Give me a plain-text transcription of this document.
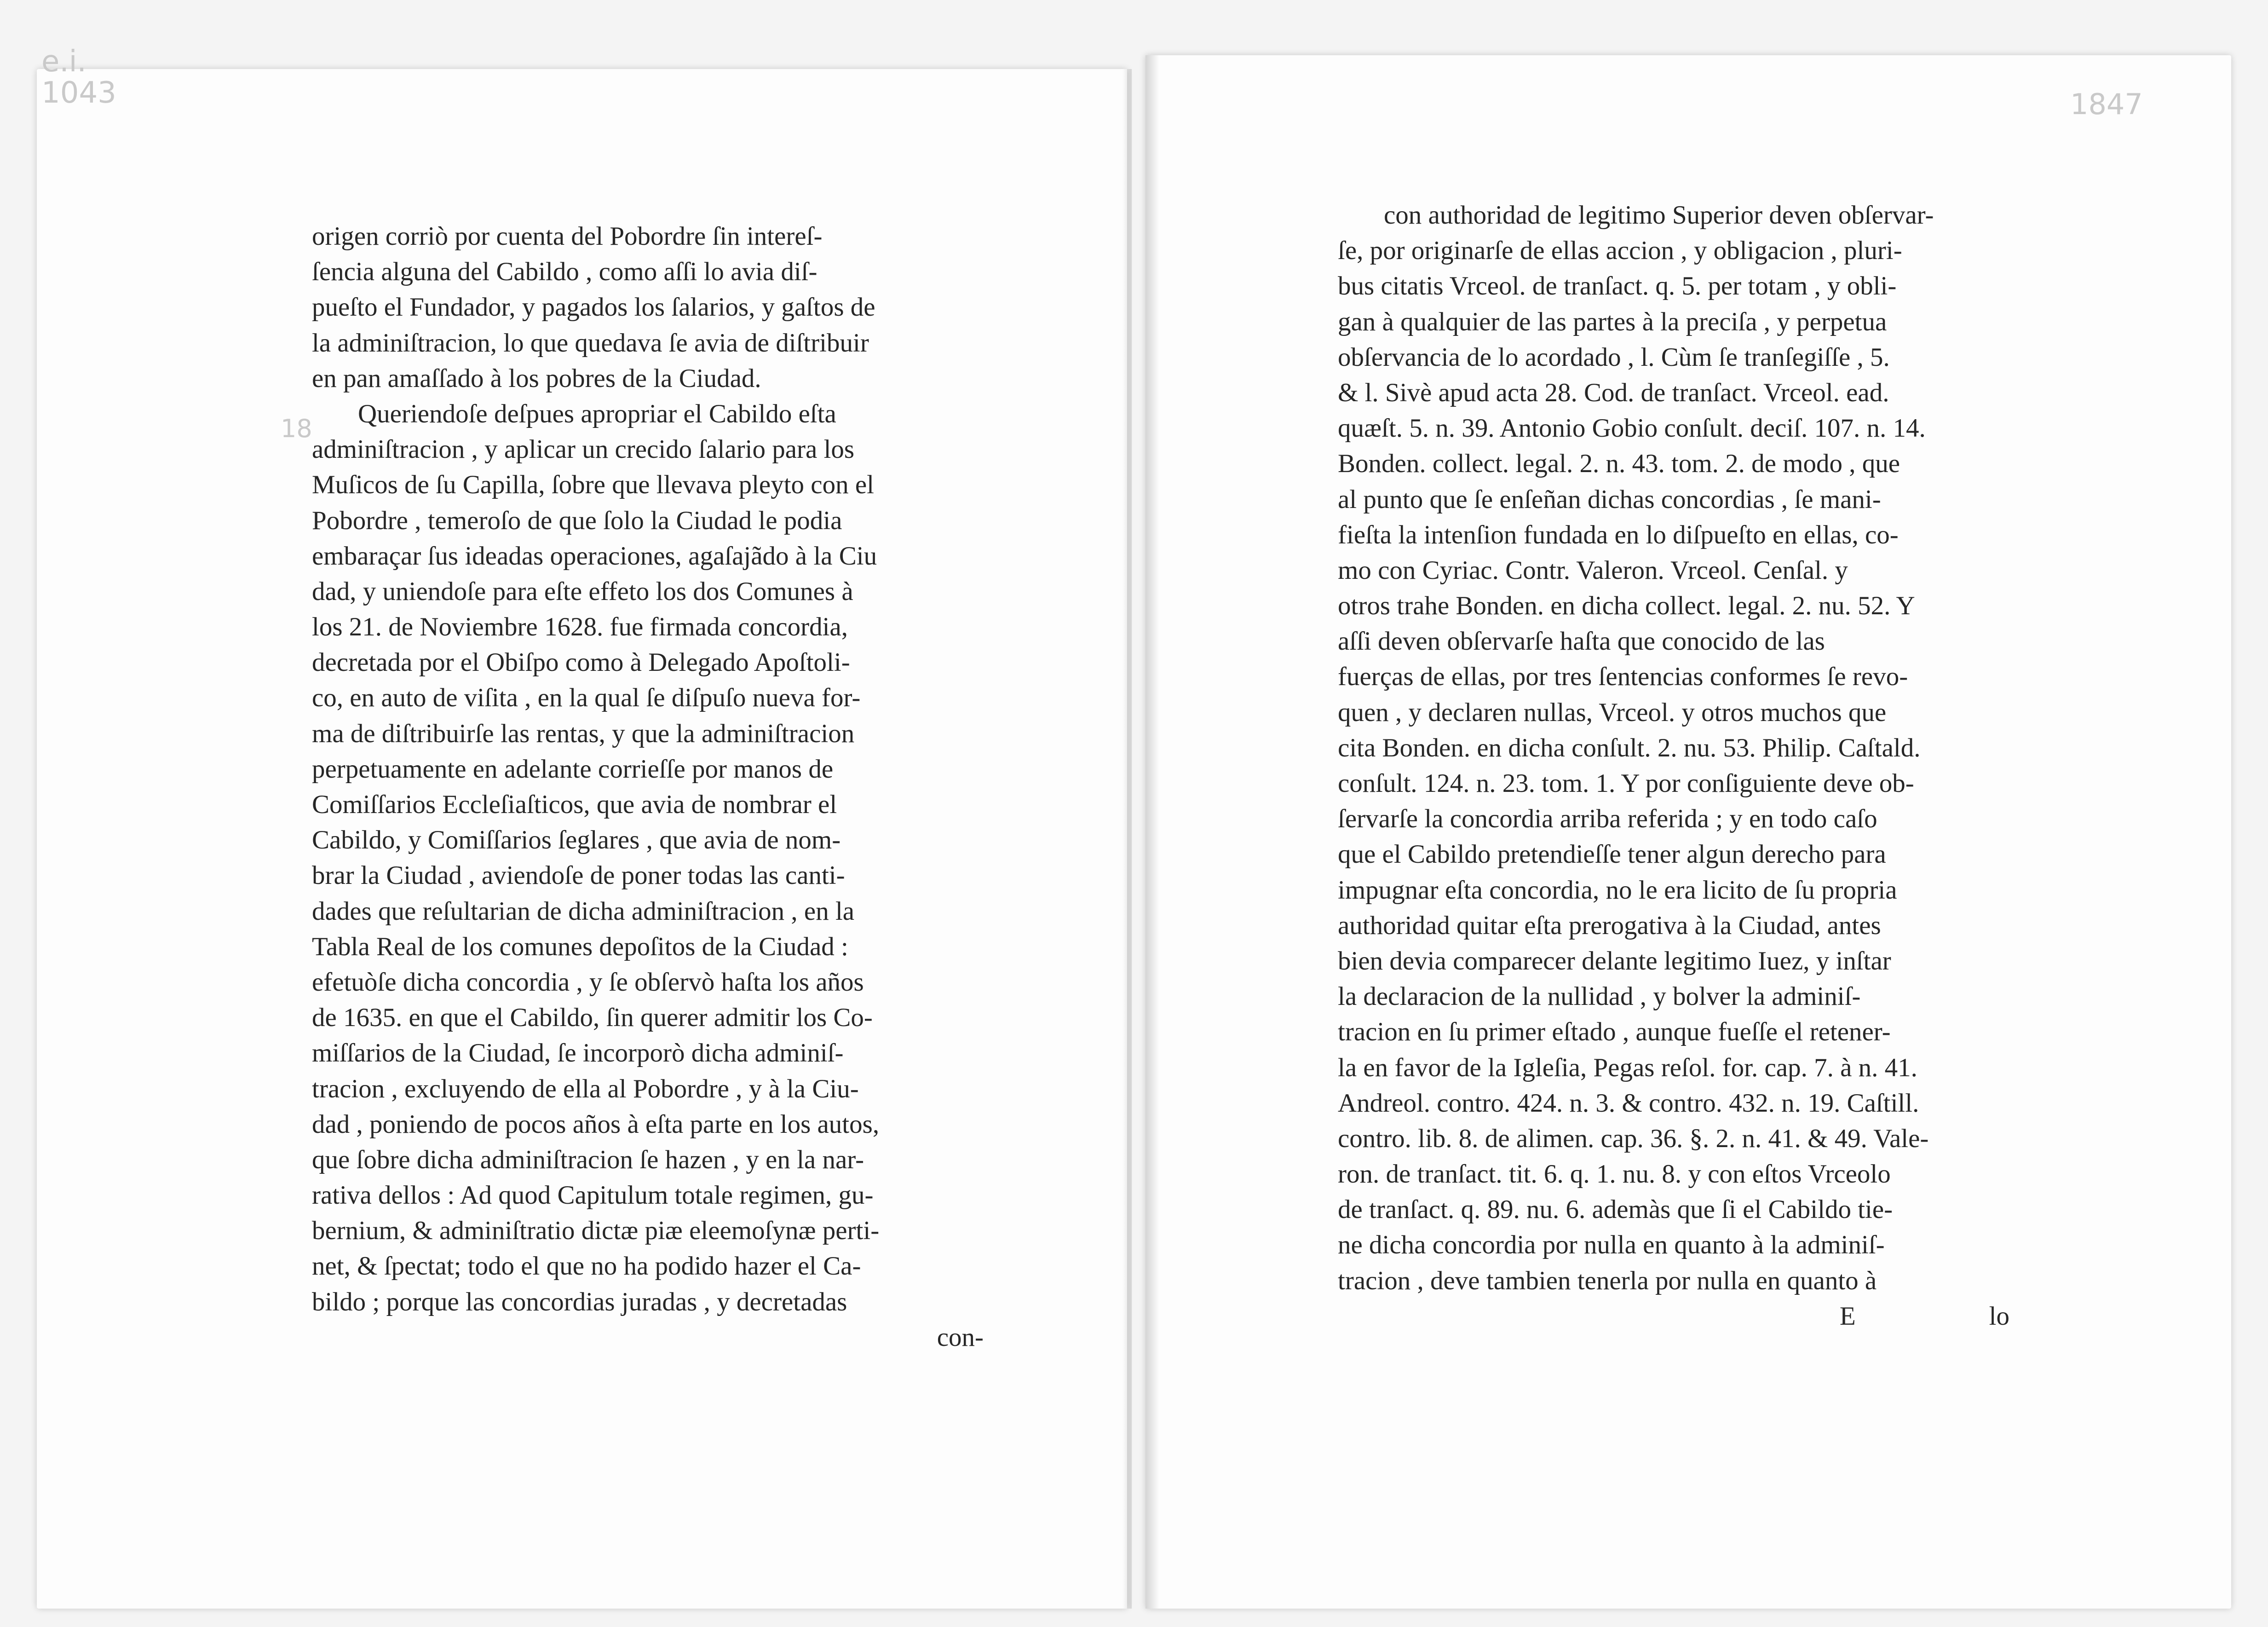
origen corriò por cuenta del Pobordre ſin intereſ-
ſencia alguna del Cabildo , como aſſi lo avia diſ-
pueſto el Fundador, y pagados los ſalarios, y gaſtos de
la adminiſtracion, lo que quedava ſe avia de diſtribuir
en pan amaſſado à los pobres de la Ciudad.
Queriendoſe deſpues apropriar el Cabildo eſta
adminiſtracion , y aplicar un crecido ſalario para los
Muſicos de ſu Capilla, ſobre que llevava pleyto con el
Pobordre , temeroſo de que ſolo la Ciudad le podia
embaraçar ſus ideadas operaciones, agaſajãdo à la Ciu
dad, y uniendoſe para eſte effeto los dos Comunes à
los 21. de Noviembre 1628. fue firmada concordia,
decretada por el Obiſpo como à Delegado Apoſtoli-
co, en auto de viſita , en la qual ſe diſpuſo nueva for-
ma de diſtribuirſe las rentas, y que la adminiſtracion
perpetuamente en adelante corrieſſe por manos de
Comiſſarios Eccleſiaſticos, que avia de nombrar el
Cabildo, y Comiſſarios ſeglares , que avia de nom-
brar la Ciudad , aviendoſe de poner todas las canti-
dades que reſultarian de dicha adminiſtracion , en la
Tabla Real de los comunes depoſitos de la Ciudad :
efetuòſe dicha concordia , y ſe obſervò haſta los años
de 1635. en que el Cabildo, ſin querer admitir los Co-
miſſarios de la Ciudad, ſe incorporò dicha adminiſ-
tracion , excluyendo de ella al Pobordre , y à la Ciu-
dad , poniendo de pocos años à eſta parte en los autos,
que ſobre dicha adminiſtracion ſe hazen , y en la nar-
rativa dellos : Ad quod Capitulum totale regimen, gu-
bernium, & adminiſtratio dictæ piæ eleemoſynæ perti-
net, & ſpectat; todo el que no ha podido hazer el Ca-
bildo ; porque las concordias juradas , y decretadas
con-
con authoridad de legitimo Superior deven obſervar-
ſe, por originarſe de ellas accion , y obligacion , pluri-
bus citatis Vrceol. de tranſact. q. 5. per totam , y obli-
gan à qualquier de las partes à la preciſa , y perpetua
obſervancia de lo acordado , l. Cùm ſe tranſegiſſe , 5.
& l. Sivè apud acta 28. Cod. de tranſact. Vrceol. ead.
quæſt. 5. n. 39. Antonio Gobio conſult. deciſ. 107. n. 14.
Bonden. collect. legal. 2. n. 43. tom. 2. de modo , que
al punto que ſe enſeñan dichas concordias , ſe mani-
fieſta la intenſion fundada en lo diſpueſto en ellas, co-
mo con Cyriac. Contr. Valeron. Vrceol. Cenſal. y
otros trahe Bonden. en dicha collect. legal. 2. nu. 52. Y
aſſi deven obſervarſe haſta que conocido de las
fuerças de ellas, por tres ſentencias conformes ſe revo-
quen , y declaren nullas, Vrceol. y otros muchos que
cita Bonden. en dicha conſult. 2. nu. 53. Philip. Caſtald.
conſult. 124. n. 23. tom. 1. Y por conſiguiente deve ob-
ſervarſe la concordia arriba referida ; y en todo caſo
que el Cabildo pretendieſſe tener algun derecho para
impugnar eſta concordia, no le era licito de ſu propria
authoridad quitar eſta prerogativa à la Ciudad, antes
bien devia comparecer delante legitimo Iuez, y inſtar
la declaracion de la nullidad , y bolver la adminiſ-
tracion en ſu primer eſtado , aunque fueſſe el retener-
la en favor de la Igleſia, Pegas reſol. for. cap. 7. à n. 41.
Andreol. contro. 424. n. 3. & contro. 432. n. 19. Caſtill.
contro. lib. 8. de alimen. cap. 36. §. 2. n. 41. & 49. Vale-
ron. de tranſact. tit. 6. q. 1. nu. 8. y con eſtos Vrceolo
de tranſact. q. 89. nu. 6. ademàs que ſi el Cabildo tie-
ne dicha concordia por nulla en quanto à la adminiſ-
tracion , deve tambien tenerla por nulla en quanto à
E	lo
e.i.
1043	1847
18
